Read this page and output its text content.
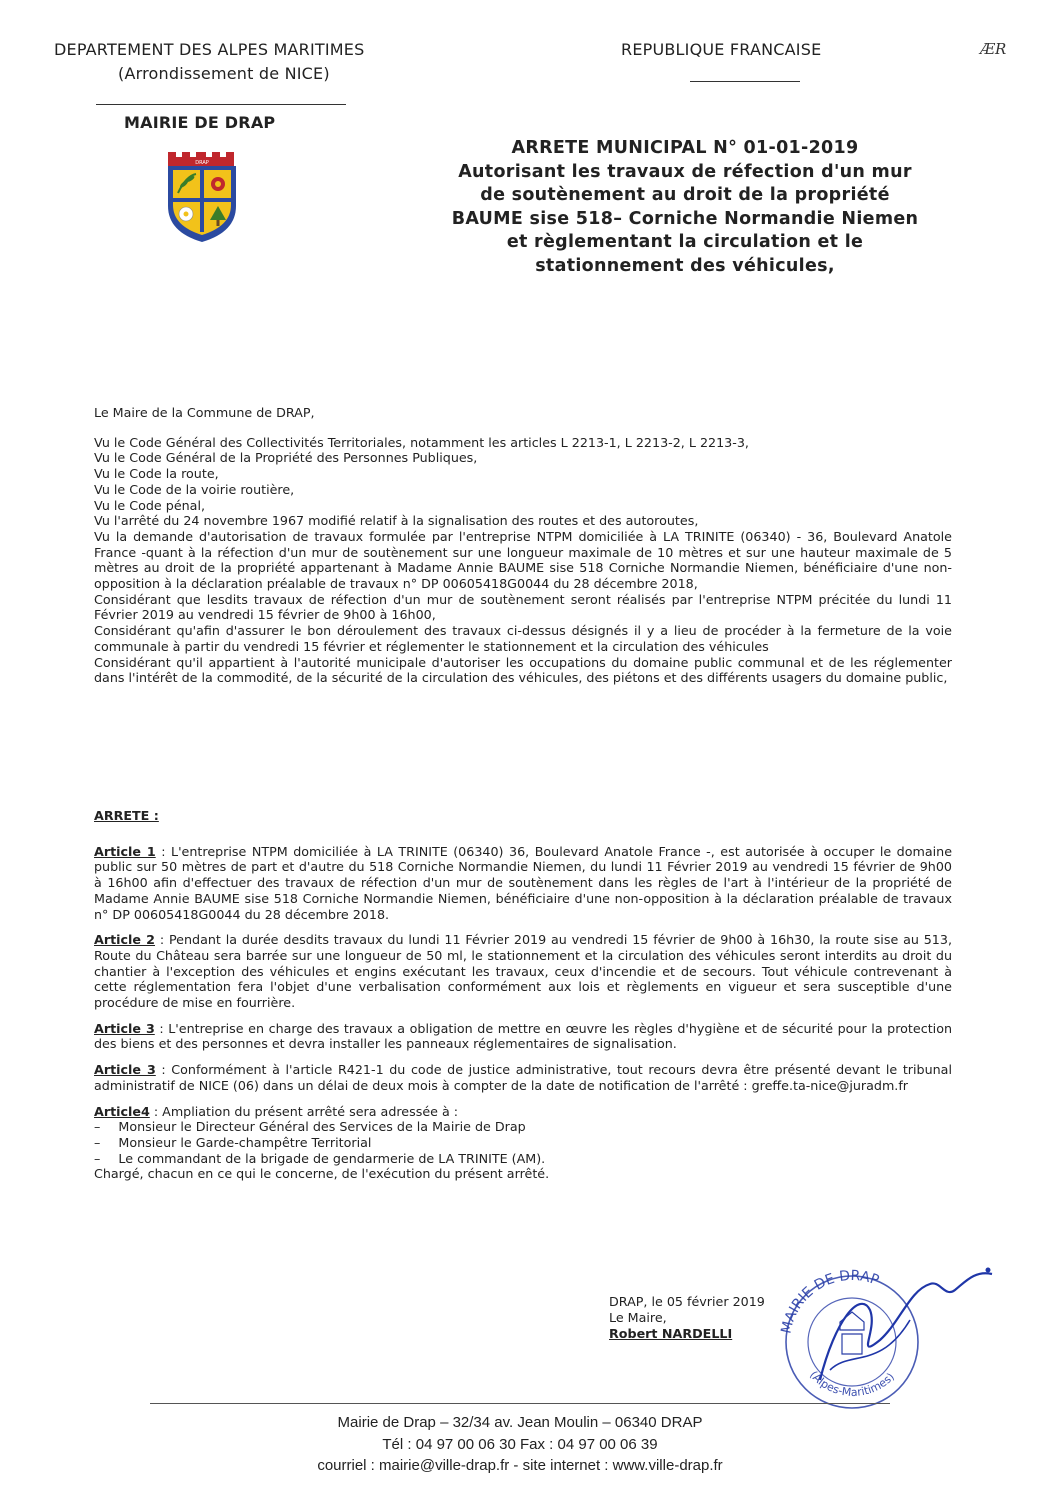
DEPARTEMENT DES ALPES MARITIMES
(Arrondissement de NICE)
MAIRIE DE DRAP
REPUBLIQUE FRANCAISE	ÆR
DRAP
ARRETE MUNICIPAL N° 01-01-2019
Autorisant les travaux de réfection d'un mur
de soutènement au droit de la propriété
BAUME sise 518– Corniche Normandie Niemen
et règlementant la circulation et le
stationnement des véhicules,

Le Maire de la Commune de DRAP,

Vu le Code Général des Collectivités Territoriales, notamment les articles L 2213-1, L 2213-2, L 2213-3,

Vu le Code Général de la Propriété des Personnes Publiques,

Vu le Code la route,

Vu le Code de la voirie routière,

Vu le Code pénal,

Vu l'arrêté du 24 novembre 1967 modifié relatif à la signalisation des routes et des autoroutes,

Vu la demande d'autorisation de travaux formulée par l'entreprise NTPM domiciliée à LA TRINITE (06340) - 36, Boulevard Anatole France -quant à la réfection d'un mur de soutènement sur une longueur maximale de 10 mètres et sur une hauteur maximale de 5 mètres au droit de la propriété appartenant à Madame Annie BAUME sise 518 Corniche Normandie Niemen, bénéficiaire d'une non-opposition à la déclaration préalable de travaux n° DP 00605418G0044 du 28 décembre 2018,

Considérant que lesdits travaux de réfection d'un mur de soutènement seront réalisés par l'entreprise NTPM précitée du lundi 11 Février 2019 au vendredi 15 février de 9h00 à 16h00,

Considérant qu'afin d'assurer le bon déroulement des travaux ci-dessus désignés il y a lieu de procéder à la fermeture de la voie communale à partir du vendredi 15 février et réglementer le stationnement et la circulation des véhicules

Considérant qu'il appartient à l'autorité municipale d'autoriser les occupations du domaine public communal et de les réglementer dans l'intérêt de la commodité, de la sécurité de la circulation des véhicules, des piétons et des différents usagers du domaine public,

ARRETE :

Article 1 : L'entreprise NTPM domiciliée à LA TRINITE (06340) 36, Boulevard Anatole France -, est autorisée à occuper le domaine public sur 50 mètres de part et d'autre du 518 Corniche Normandie Niemen, du lundi 11 Février 2019 au vendredi 15 février de 9h00 à 16h00 afin d'effectuer des travaux de réfection d'un mur de soutènement dans les règles de l'art à l'intérieur de la propriété de Madame Annie BAUME sise 518 Corniche Normandie Niemen, bénéficiaire d'une non-opposition à la déclaration préalable de travaux n° DP 00605418G0044 du 28 décembre 2018.

Article 2 : Pendant la durée desdits travaux du lundi 11 Février 2019 au vendredi 15 février de 9h00 à 16h30, la route sise au 513, Route du Château sera barrée sur une longueur de 50 ml, le stationnement et la circulation des véhicules seront interdits au droit du chantier à l'exception des véhicules et engins exécutant les travaux, ceux d'incendie et de secours. Tout véhicule contrevenant à cette réglementation fera l'objet d'une verbalisation conformément aux lois et règlements en vigueur et sera susceptible d'une procédure de mise en fourrière.

Article 3 : L'entreprise en charge des travaux a obligation de mettre en œuvre les règles d'hygiène et de sécurité pour la protection des biens et des personnes et devra installer les panneaux réglementaires de signalisation.

Article 3 : Conformément à l'article R421-1 du code de justice administrative, tout recours devra être présenté devant le tribunal administratif de NICE (06) dans un délai de deux mois à compter de la date de notification de l'arrêté : greffe.ta-nice@juradm.fr

Article4 : Ampliation du présent arrêté sera adressée à :

– Monsieur le Directeur Général des Services de la Mairie de Drap
– Monsieur le Garde-champêtre Territorial
– Le commandant de la brigade de gendarmerie de LA TRINITE (AM).

Chargé, chacun en ce qui le concerne, de l'exécution du présent arrêté.

DRAP, le 05 février 2019
Le Maire,
Robert NARDELLI	MAIRIE DE DRAP
(Alpes-Maritimes)
Mairie de Drap – 32/34 av. Jean Moulin – 06340 DRAP
Tél : 04 97 00 06 30 Fax : 04 97 00 06 39
courriel : mairie@ville-drap.fr - site internet : www.ville-drap.fr
